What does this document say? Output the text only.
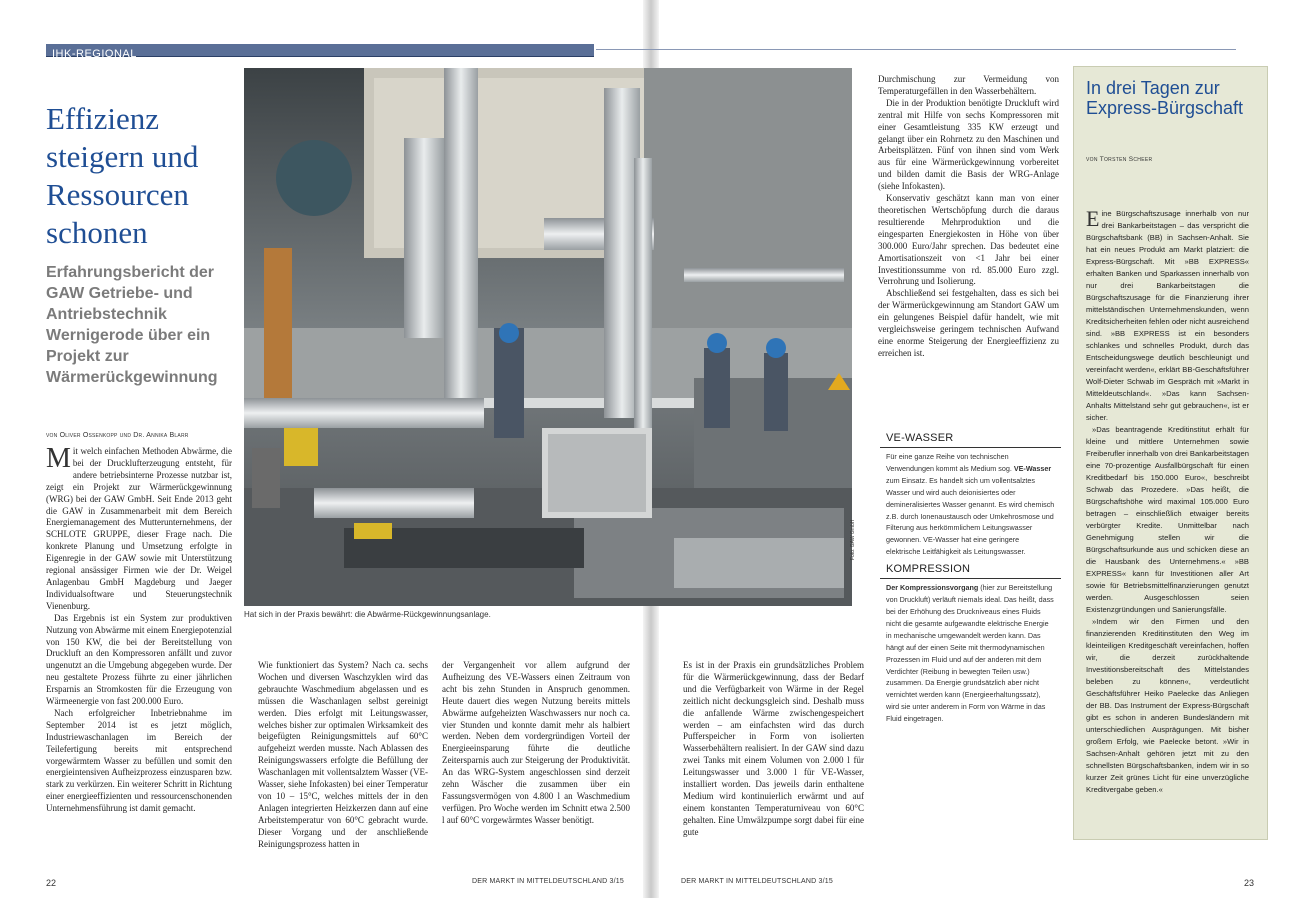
IHK-REGIONAL
Effizienz steigern und Ressourcen schonen
Erfahrungsbericht der GAW Getriebe- und Antriebstechnik Wernigerode über ein Projekt zur Wärmerückgewinnung
von Oliver Ossenkopp und Dr. Annika Blarr

Mit welch einfachen Methoden Abwärme, die bei der Drucklufterzeugung entsteht, für andere betriebsinterne Prozesse nutzbar ist, zeigt ein Projekt zur Wärmerückgewinnung (WRG) bei der GAW GmbH. Seit Ende 2013 geht die GAW in Zusammenarbeit mit dem Bereich Energiemanagement des Mutterunternehmens, der SCHLOTE GRUPPE, dieser Frage nach. Die konkrete Planung und Umsetzung erfolgte in Eigenregie in der GAW sowie mit Unterstützung regional ansässiger Firmen wie der Dr. Weigel Anlagenbau GmbH Magdeburg und Jaeger Individualsoftware und Steuerungstechnik Vienenburg.

Das Ergebnis ist ein System zur produktiven Nutzung von Abwärme mit einem Energiepotenzial von 150 KW, die bei der Bereitstellung von Druckluft an den Kompressoren anfällt und zuvor ungenutzt an die Umgebung abgegeben wurde. Der neu gestaltete Prozess führte zu einer jährlichen Ersparnis an Stromkosten für die Erzeugung von Wärmeenergie von fast 200.000 Euro.

Nach erfolgreicher Inbetriebnahme im September 2014 ist es jetzt möglich, Industriewaschanlagen im Bereich der Teilefertigung bereits mit entsprechend vorgewärmtem Wasser zu befüllen und somit den energieintensiven Aufheizprozess einzusparen bzw. stark zu verkürzen. Ein weiterer Schritt in Richtung einer energieeffizienten und ressourcenschonenden Unternehmensführung ist damit gemacht.

Foto: GAW GmbH
Hat sich in der Praxis bewährt: die Abwärme-Rückgewinnungsanlage.

Wie funktioniert das System? Nach ca. sechs Wochen und diversen Waschzyklen wird das gebrauchte Waschmedium abgelassen und es müssen die Waschanlagen selbst gereinigt werden. Dies erfolgt mit Leitungswasser, welches bisher zur optimalen Wirksamkeit des beigefügten Reinigungsmittels auf 60°C aufgeheizt werden musste. Nach Ablassen des Reinigungswassers erfolgte die Befüllung der Waschanlagen mit vollentsalztem Wasser (VE-Wasser, siehe Infokasten) bei einer Temperatur von 10 – 15°C, welches mittels der in den Anlagen integrierten Heizkerzen dann auf eine Arbeitstemperatur von 60°C gebracht wurde. Dieser Vorgang und der anschließende Reinigungsprozess hatten in

der Vergangenheit vor allem aufgrund der Aufheizung des VE-Wassers einen Zeitraum von acht bis zehn Stunden in Anspruch genommen. Heute dauert dies wegen Nutzung bereits mittels Abwärme aufgeheizten Waschwassers nur noch ca. vier Stunden und konnte damit mehr als halbiert werden. Neben dem vordergründigen Vorteil der Energieeinsparung führte die deutliche Zeitersparnis auch zur Steigerung der Produktivität. An das WRG-System angeschlossen sind derzeit zehn Wäscher die zusammen über ein Fassungsvermögen von 4.800 l an Waschmedium verfügen. Pro Woche werden im Schnitt etwa 2.500 l auf 60°C vorgewärmtes Wasser benötigt.

Es ist in der Praxis ein grundsätzliches Problem für die Wärmerückgewinnung, dass der Bedarf und die Verfügbarkeit von Wärme in der Regel zeitlich nicht deckungsgleich sind. Deshalb muss die anfallende Wärme zwischengespeichert werden – am einfachsten wird das durch Pufferspeicher in Form von isolierten Wasserbehältern realisiert. In der GAW sind dazu zwei Tanks mit einem Volumen von 2.000 l für Leitungswasser und 3.000 l für VE-Wasser, installiert worden. Das jeweils darin enthaltene Medium wird kontinuierlich erwärmt und auf einem konstanten Temperaturniveau von 60°C gehalten. Eine Umwälzpumpe sorgt dabei für eine gute

Durchmischung zur Vermeidung von Temperaturgefällen in den Wasserbehältern.

Die in der Produktion benötigte Druckluft wird zentral mit Hilfe von sechs Kompressoren mit einer Gesamtleistung 335 KW erzeugt und gelangt über ein Rohrnetz zu den Maschinen und Arbeitsplätzen. Fünf von ihnen sind vom Werk aus für eine Wärmerückgewinnung vorbereitet und bilden damit die Basis der WRG-Anlage (siehe Infokasten).

Konservativ geschätzt kann man von einer theoretischen Wertschöpfung durch die daraus resultierende Mehrproduktion und die eingesparten Energiekosten in Höhe von über 300.000 Euro/Jahr sprechen. Das bedeutet eine Amortisationszeit von <1 Jahr bei einer Investitionssumme von rd. 85.000 Euro zzgl. Verrohrung und Isolierung.

Abschließend sei festgehalten, dass es sich bei der Wärmerückgewinnung am Standort GAW um ein gelungenes Beispiel dafür handelt, wie mit vergleichsweise geringem technischen Aufwand eine enorme Steigerung der Energieeffizienz zu erreichen ist.

VE-WASSER

Für eine ganze Reihe von technischen Verwendungen kommt als Medium sog. VE-Wasser zum Einsatz. Es handelt sich um vollentsalztes Wasser und wird auch deionisiertes oder demineralisiertes Wasser genannt. Es wird chemisch z.B. durch Ionenaustausch oder Umkehrosmose und Filterung aus herkömmlichem Leitungswasser gewonnen. VE-Wasser hat eine geringere elektrische Leitfähigkeit als Leitungswasser.

KOMPRESSION

Der Kompressionsvorgang (hier zur Bereitstellung von Druckluft) verläuft niemals ideal. Das heißt, dass bei der Erhöhung des Druckniveaus eines Fluids nicht die gesamte aufgewandte elektrische Energie in mechanische umgewandelt werden kann. Das hängt auf der einen Seite mit thermodynamischen Prozessen im Fluid und auf der anderen mit dem Verdichter (Reibung in bewegten Teilen usw.) zusammen. Da Energie grundsätzlich aber nicht vernichtet werden kann (Energieerhaltungssatz), wird sie unter anderem in Form von Wärme in das Fluid eingetragen.

In drei Tagen zur Express-Bürgschaft
von Torsten Scheer

Eine Bürgschaftszusage innerhalb von nur drei Bankarbeitstagen – das verspricht die Bürgschaftsbank (BB) in Sachsen-Anhalt. Sie hat ein neues Produkt am Markt platziert: die Express-Bürgschaft. Mit »BB EXPRESS« erhalten Banken und Sparkassen innerhalb von nur drei Bankarbeitstagen die Bürgschaftszusage für die Finanzierung ihrer mittelständischen Unternehmenskunden, wenn Kreditsicherheiten fehlen oder nicht ausreichend sind. »BB EXPRESS ist ein besonders schlankes und schnelles Produkt, durch das Entscheidungswege deutlich beschleunigt und vereinfacht werden«, erklärt BB-Geschäftsführer Wolf-Dieter Schwab im Gespräch mit »Markt in Mitteldeutschland«. »Das kann Sachsen-Anhalts Mittelstand sehr gut gebrauchen«, ist er sicher.

»Das beantragende Kreditinstitut erhält für kleine und mittlere Unternehmen sowie Freiberufler innerhalb von drei Bankarbeitstagen eine 70-prozentige Ausfallbürgschaft für einen Kreditbedarf bis 150.000 Euro«, beschreibt Schwab das Prozedere. »Das heißt, die Bürgschaftshöhe wird maximal 105.000 Euro betragen – einschließlich etwaiger bereits verbürgter Kredite. Unmittelbar nach Genehmigung stellen wir die Bürgschaftsurkunde aus und schicken diese an die Hausbank des Unternehmens.« »BB EXPRESS« kann für Investitionen aller Art sowie für Betriebsmittelfinanzierungen genutzt werden. Ausgeschlossen seien Existenzgründungen und Sanierungsfälle.

»Indem wir den Firmen und den finanzierenden Kreditinstituten den Weg im kleinteiligen Kreditgeschäft vereinfachen, hoffen wir, die derzeit zurückhaltende Investitionsbereitschaft des Mittelstandes beleben zu können«, verdeutlicht Geschäftsführer Heiko Paelecke das Anliegen der BB. Das Instrument der Express-Bürgschaft gibt es schon in anderen Bundesländern mit unterschiedlichen Ausprägungen. Mit bisher großem Erfolg, wie Paelecke betont. »Wir in Sachsen-Anhalt gehören jetzt mit zu den schnellsten Bürgschaftsbanken, indem wir in so kurzer Zeit grünes Licht für eine unverzügliche Kreditvergabe geben.«

22	DER MARKT IN MITTELDEUTSCHLAND 3/15	DER MARKT IN MITTELDEUTSCHLAND 3/15	23
